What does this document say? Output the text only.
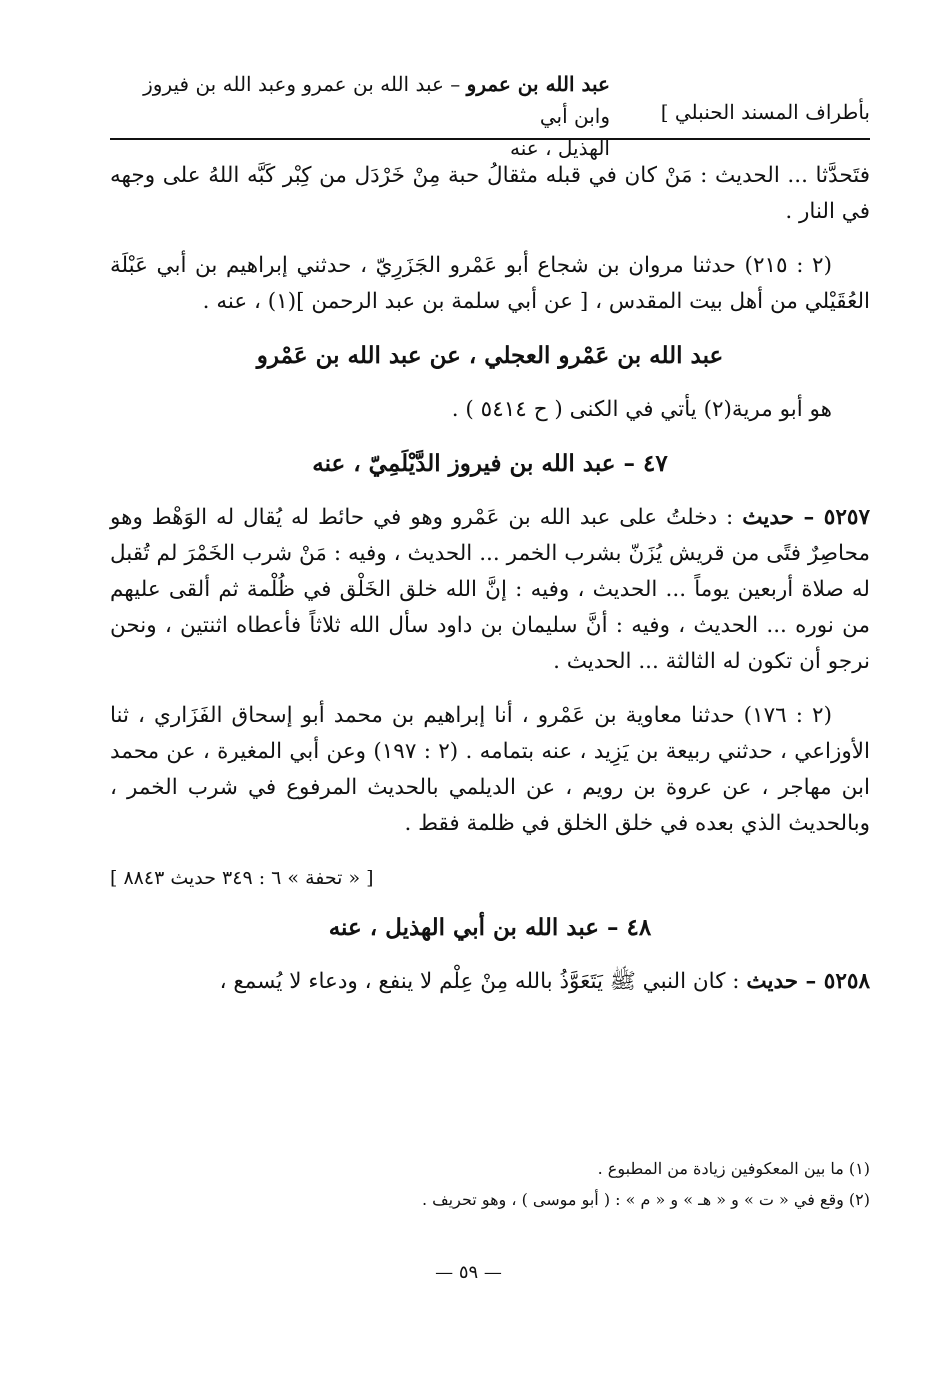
عبد الله بن عمرو – عبد الله بن عمرو وعبد الله بن فيروز وابن أبي
الهذيل ، عنه
بأطراف المسند الحنبلي ]

فتَحدَّثا ... الحديث : مَنْ كان في قبله مثقالُ حبة مِنْ خَرْدَل من كِبْر كَبَّه اللهُ على وجهه في النار .

(٢ : ٢١٥) حدثنا مروان بن شجاع أبو عَمْرو الجَزَرِيّ ، حدثني إبراهيم بن أبي عَبْلَة العُقَيْلي من أهل بيت المقدس ، [ عن أبي سلمة بن عبد الرحمن ](١) ، عنه .

عبد الله بن عَمْرو العجلي ، عن عبد الله بن عَمْرو

هو أبو مرية(٢) يأتي في الكنى ( ح ٥٤١٤ ) .

٤٧ – عبد الله بن فيروز الدَّيْلَمِيّ ، عنه

٥٢٥٧ – حديث : دخلتُ على عبد الله بن عَمْرو وهو في حائط له يُقال له الوَهْط وهو محاصِرٌ فتًى من قريش يُزَنّ بشرب الخمر ... الحديث ، وفيه : مَنْ شرب الخَمْرَ لم تُقبل له صلاة أربعين يوماً ... الحديث ، وفيه : إنَّ الله خلق الخَلْق في ظُلْمة ثم ألقى عليهم من نوره ... الحديث ، وفيه : أنَّ سليمان بن داود سأل الله ثلاثاً فأعطاه اثنتين ، ونحن نرجو أن تكون له الثالثة ... الحديث .

(٢ : ١٧٦) حدثنا معاوية بن عَمْرو ، أنا إبراهيم بن محمد أبو إسحاق الفَزَاري ، ثنا الأوزاعي ، حدثني ربيعة بن يَزِيد ، عنه بتمامه . (٢ : ١٩٧) وعن أبي المغيرة ، عن محمد ابن مهاجر ، عن عروة بن رويم ، عن الديلمي بالحديث المرفوع في شرب الخمر ، وبالحديث الذي بعده في خلق الخلق في ظلمة فقط .

[ « تحفة » ٦ : ٣٤٩ حديث ٨٨٤٣ ]

٤٨ – عبد الله بن أبي الهذيل ، عنه

٥٢٥٨ – حديث : كان النبي ﷺ يَتَعَوَّذُ بالله مِنْ عِلْم لا ينفع ، ودعاء لا يُسمع ،

(١) ما بين المعكوفين زيادة من المطبوع .
(٢) وقع في « ت » و « هـ » و « م » : ( أبو موسى ) ، وهو تحريف .
— ٥٩ —
